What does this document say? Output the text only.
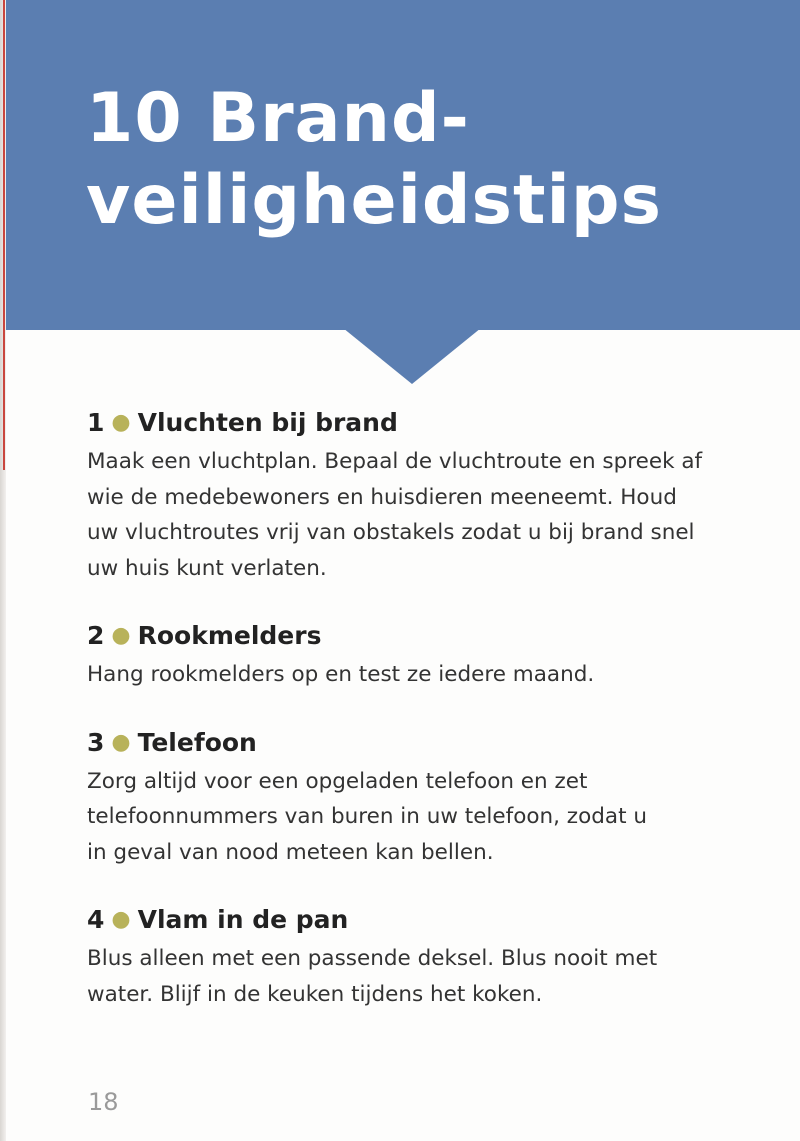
10 Brand-
veiligheidstips
1 ● Vluchten bij brand

Maak een vluchtplan. Bepaal de vluchtroute en spreek af
wie de medebewoners en huisdieren meeneemt. Houd
uw vluchtroutes vrij van obstakels zodat u bij brand snel
uw huis kunt verlaten.

2 ● Rookmelders

Hang rookmelders op en test ze iedere maand.

3 ● Telefoon

Zorg altijd voor een opgeladen telefoon en zet
telefoonnummers van buren in uw telefoon, zodat u
in geval van nood meteen kan bellen.

4 ● Vlam in de pan

Blus alleen met een passende deksel. Blus nooit met
water. Blijf in de keuken tijdens het koken.

18
